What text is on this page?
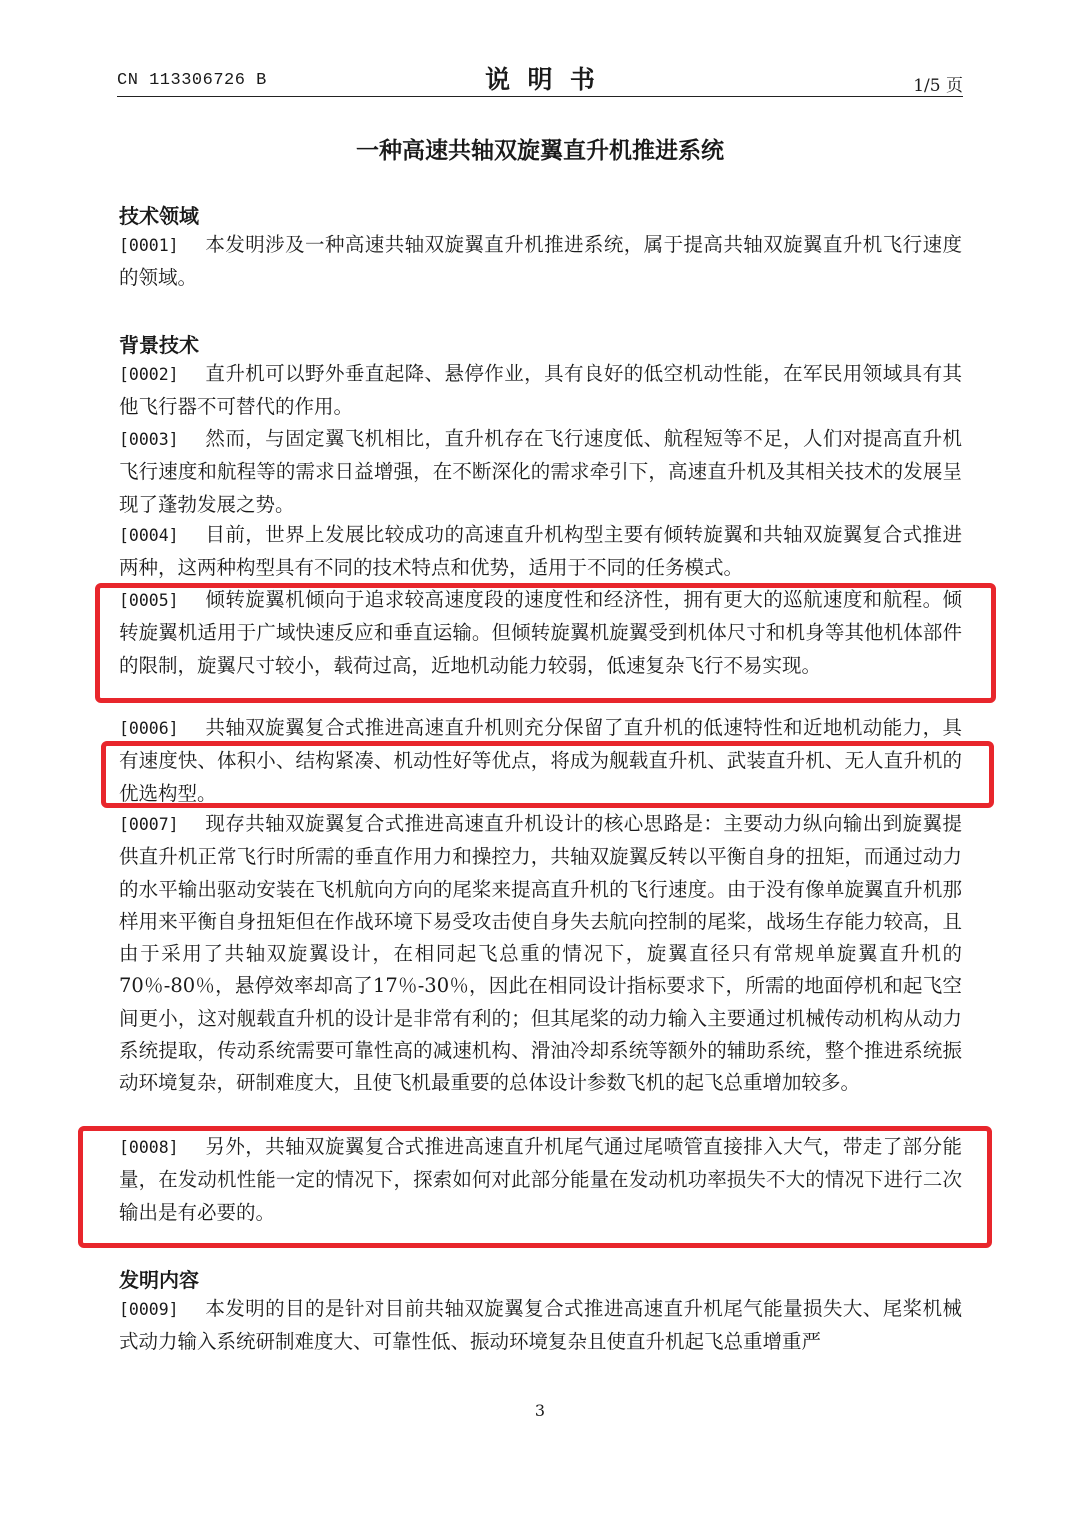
CN 113306726 B	说  明  书	1/5 页
一种高速共轴双旋翼直升机推进系统
技术领域
[0001] 本发明涉及一种高速共轴双旋翼直升机推进系统，属于提高共轴双旋翼直升机飞行速度的领域。
背景技术
[0002] 直升机可以野外垂直起降、悬停作业，具有良好的低空机动性能，在军民用领域具有其他飞行器不可替代的作用。
[0003] 然而，与固定翼飞机相比，直升机存在飞行速度低、航程短等不足，人们对提高直升机飞行速度和航程等的需求日益增强，在不断深化的需求牵引下，高速直升机及其相关技术的发展呈现了蓬勃发展之势。
[0004] 目前，世界上发展比较成功的高速直升机构型主要有倾转旋翼和共轴双旋翼复合式推进两种，这两种构型具有不同的技术特点和优势，适用于不同的任务模式。
[0005] 倾转旋翼机倾向于追求较高速度段的速度性和经济性，拥有更大的巡航速度和航程。倾转旋翼机适用于广域快速反应和垂直运输。但倾转旋翼机旋翼受到机体尺寸和机身等其他机体部件的限制，旋翼尺寸较小，载荷过高，近地机动能力较弱，低速复杂飞行不易实现。
[0006] 共轴双旋翼复合式推进高速直升机则充分保留了直升机的低速特性和近地机动能力，具有速度快、体积小、结构紧凑、机动性好等优点，将成为舰载直升机、武装直升机、无人直升机的优选构型。
[0007] 现存共轴双旋翼复合式推进高速直升机设计的核心思路是：主要动力纵向输出到旋翼提供直升机正常飞行时所需的垂直作用力和操控力，共轴双旋翼反转以平衡自身的扭矩，而通过动力的水平输出驱动安装在飞机航向方向的尾桨来提高直升机的飞行速度。由于没有像单旋翼直升机那样用来平衡自身扭矩但在作战环境下易受攻击使自身失去航向控制的尾桨，战场生存能力较高，且由于采用了共轴双旋翼设计，在相同起飞总重的情况下，旋翼直径只有常规单旋翼直升机的70％-80％，悬停效率却高了17％-30％，因此在相同设计指标要求下，所需的地面停机和起飞空间更小，这对舰载直升机的设计是非常有利的；但其尾桨的动力输入主要通过机械传动机构从动力系统提取，传动系统需要可靠性高的减速机构、滑油冷却系统等额外的辅助系统，整个推进系统振动环境复杂，研制难度大，且使飞机最重要的总体设计参数飞机的起飞总重增加较多。
[0008] 另外，共轴双旋翼复合式推进高速直升机尾气通过尾喷管直接排入大气，带走了部分能量，在发动机性能一定的情况下，探索如何对此部分能量在发动机功率损失不大的情况下进行二次输出是有必要的。
发明内容
[0009] 本发明的目的是针对目前共轴双旋翼复合式推进高速直升机尾气能量损失大、尾桨机械式动力输入系统研制难度大、可靠性低、振动环境复杂且使直升机起飞总重增重严
3
